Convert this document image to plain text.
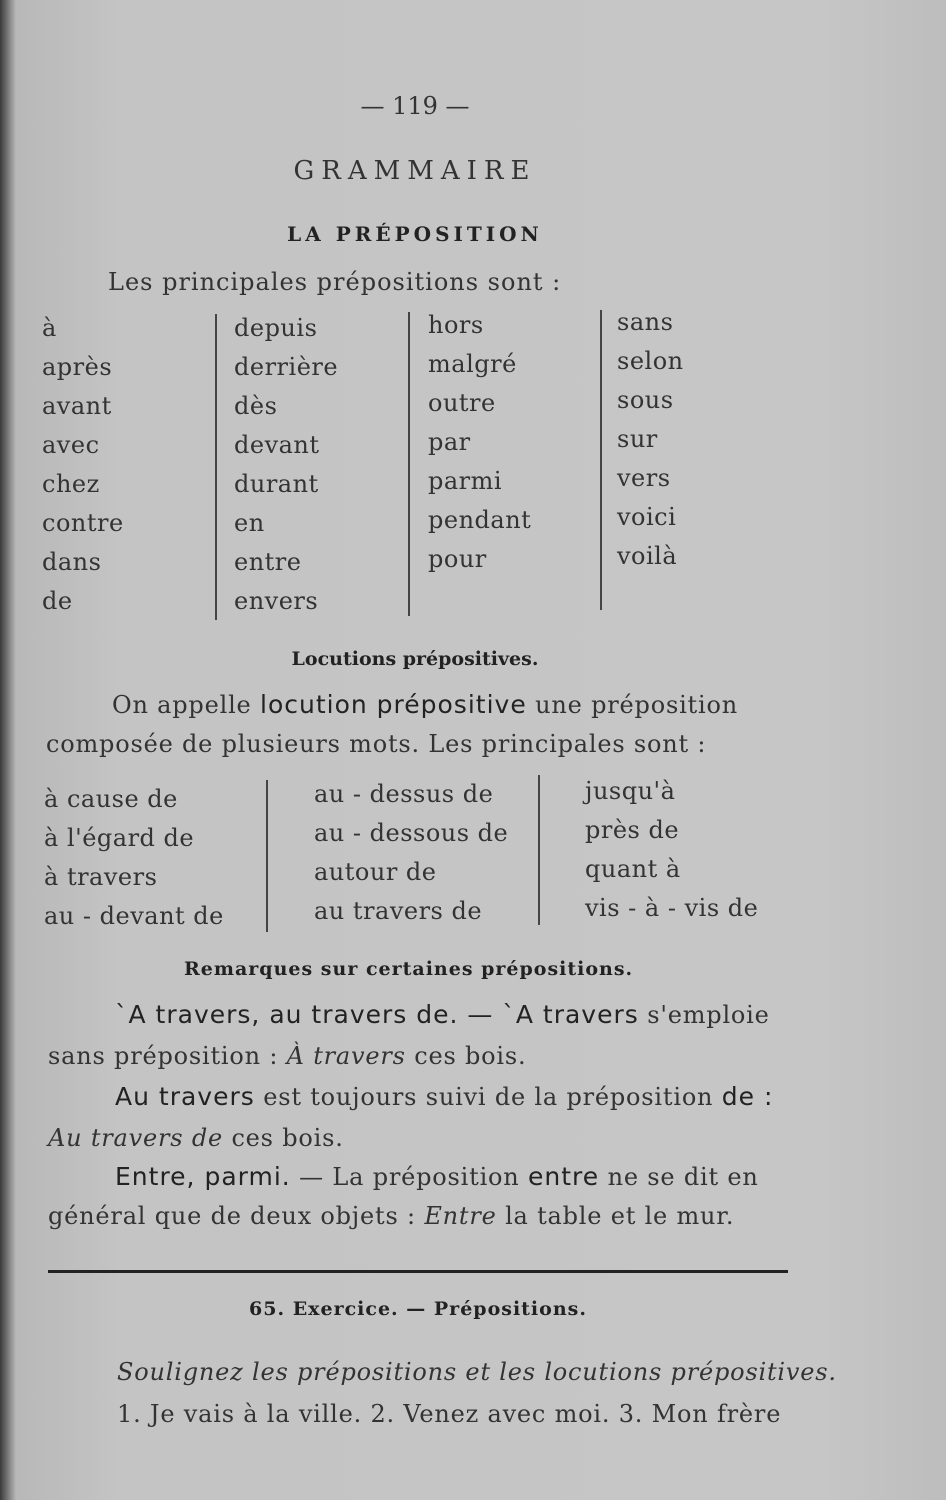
— 119 —
GRAMMAIRE
LA PRÉPOSITION
Les principales prépositions sont :
à
après
avant
avec
chez
contre
dans
de
depuis
derrière
dès
devant
durant
en
entre
envers
hors
malgré
outre
par
parmi
pendant
pour
sans
selon
sous
sur
vers
voici
voilà
Locutions prépositives.
On appelle locution prépositive une préposition
composée de plusieurs mots. Les principales sont :
à cause de
à l'égard de
à travers
au - devant de
au - dessus de
au - dessous de
autour de
au travers de
jusqu'à
près de
quant à
vis - à - vis de
Remarques sur certaines prépositions.
`A travers, au travers de. — `A travers s'emploie
sans préposition : À travers ces bois.
Au travers est toujours suivi de la préposition de :
Au travers de ces bois.
Entre, parmi. — La préposition entre ne se dit en
général que de deux objets : Entre la table et le mur.
65. Exercice. — Prépositions.
Soulignez les prépositions et les locutions prépositives.
1. Je vais à la ville. 2. Venez avec moi. 3. Mon frère
